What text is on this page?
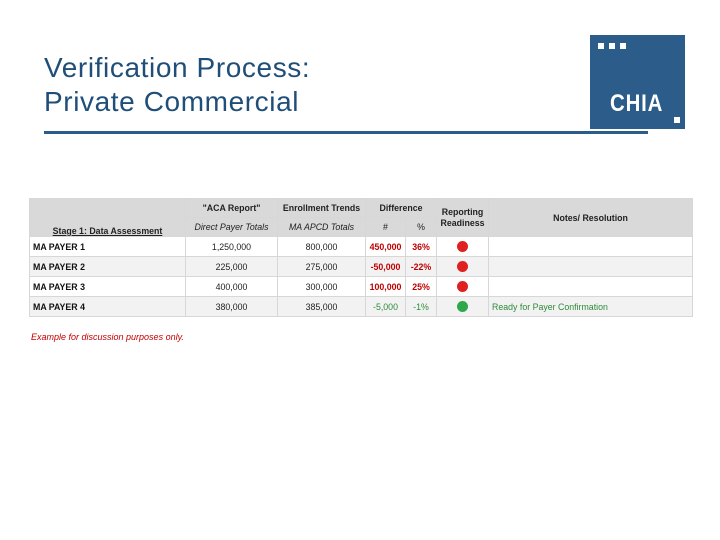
Verification Process:
Private Commercial	CHIA
Stage 1: Data Assessment	"ACA Report"	Enrollment Trends	Difference		Reporting Readiness	Notes/ Resolution
	Direct Payer Totals	MA APCD Totals	#	%		
MA PAYER 1	1,250,000	800,000	450,000	36%		
MA PAYER 2	225,000	275,000	-50,000	-22%		
MA PAYER 3	400,000	300,000	100,000	25%		
MA PAYER 4	380,000	385,000	-5,000	-1%		Ready for Payer Confirmation
Example for discussion purposes only.
